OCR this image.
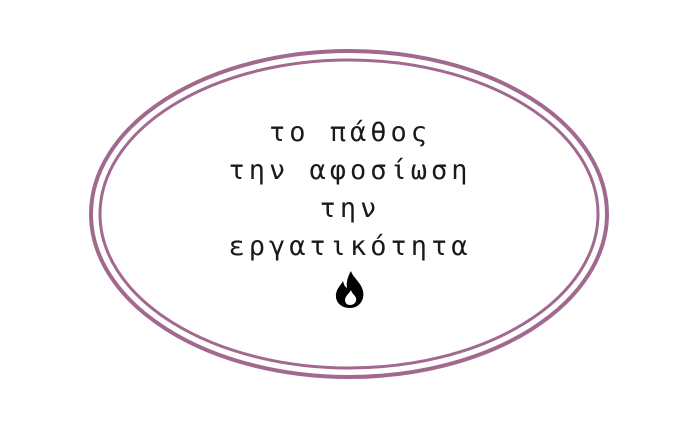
το πάθος
την αφοσίωση
την
εργατικότητα
